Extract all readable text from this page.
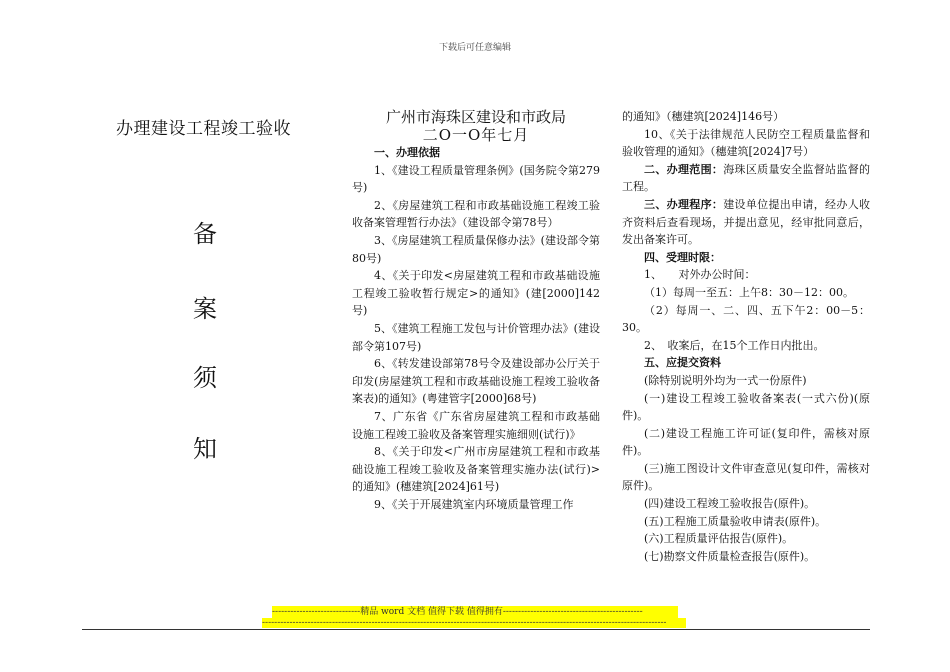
下载后可任意编辑
办理建设工程竣工验收
备
案
须
知

广州市海珠区建设和市政局

二O一O年七月

一、办理依据

1、《建设工程质量管理条例》(国务院令第279号)

2、《房屋建筑工程和市政基础设施工程竣工验收备案管理暂行办法》（建设部令第78号）

3、《房屋建筑工程质量保修办法》(建设部令第80号)

4、《关于印发<房屋建筑工程和市政基础设施工程竣工验收暂行规定>的通知》(建[2000]142号)

5、《建筑工程施工发包与计价管理办法》(建设部令第107号)

6、《转发建设部第78号令及建设部办公厅关于印发(房屋建筑工程和市政基础设施工程竣工验收备案表)的通知》(粤建管字[2000]68号)

7、广东省《广东省房屋建筑工程和市政基础设施工程竣工验收及备案管理实施细则(试行)》

8、《关于印发<广州市房屋建筑工程和市政基础设施工程竣工验收及备案管理实施办法(试行)>的通知》(穗建筑[2024]61号)

9、《关于开展建筑室内环境质量管理工作

的通知》（穗建筑[2024]146号）

10、《关于法律规范人民防空工程质量监督和验收管理的通知》（穗建筑[2024]7号）

二、办理范围：海珠区质量安全监督站监督的工程。

三、办理程序：建设单位提出申请，经办人收齐资料后查看现场，并提出意见，经审批同意后，发出备案许可。

四、受理时限：

1、　　对外办公时间：

（1）每周一至五：上午8：30－12：00。

（2）每周一、二、四、五下午2：00－5：30。

2、　收案后，在15个工作日内批出。

五、应提交资料

(除特别说明外均为一式一份原件)

(一)建设工程竣工验收备案表(一式六份)(原件)。

(二)建设工程施工许可证(复印件，需核对原件)。

(三)施工图设计文件审查意见(复印件，需核对原件)。

(四)建设工程竣工验收报告(原件)。

(五)工程施工质量验收申请表(原件)。

(六)工程质量评估报告(原件)。

(七)勘察文件质量检查报告(原件)。

-----------------------------精品 word 文档 值得下载 值得拥有----------------------------------------------
-------------------------------------------------------------------------------------------------------------------------------------
